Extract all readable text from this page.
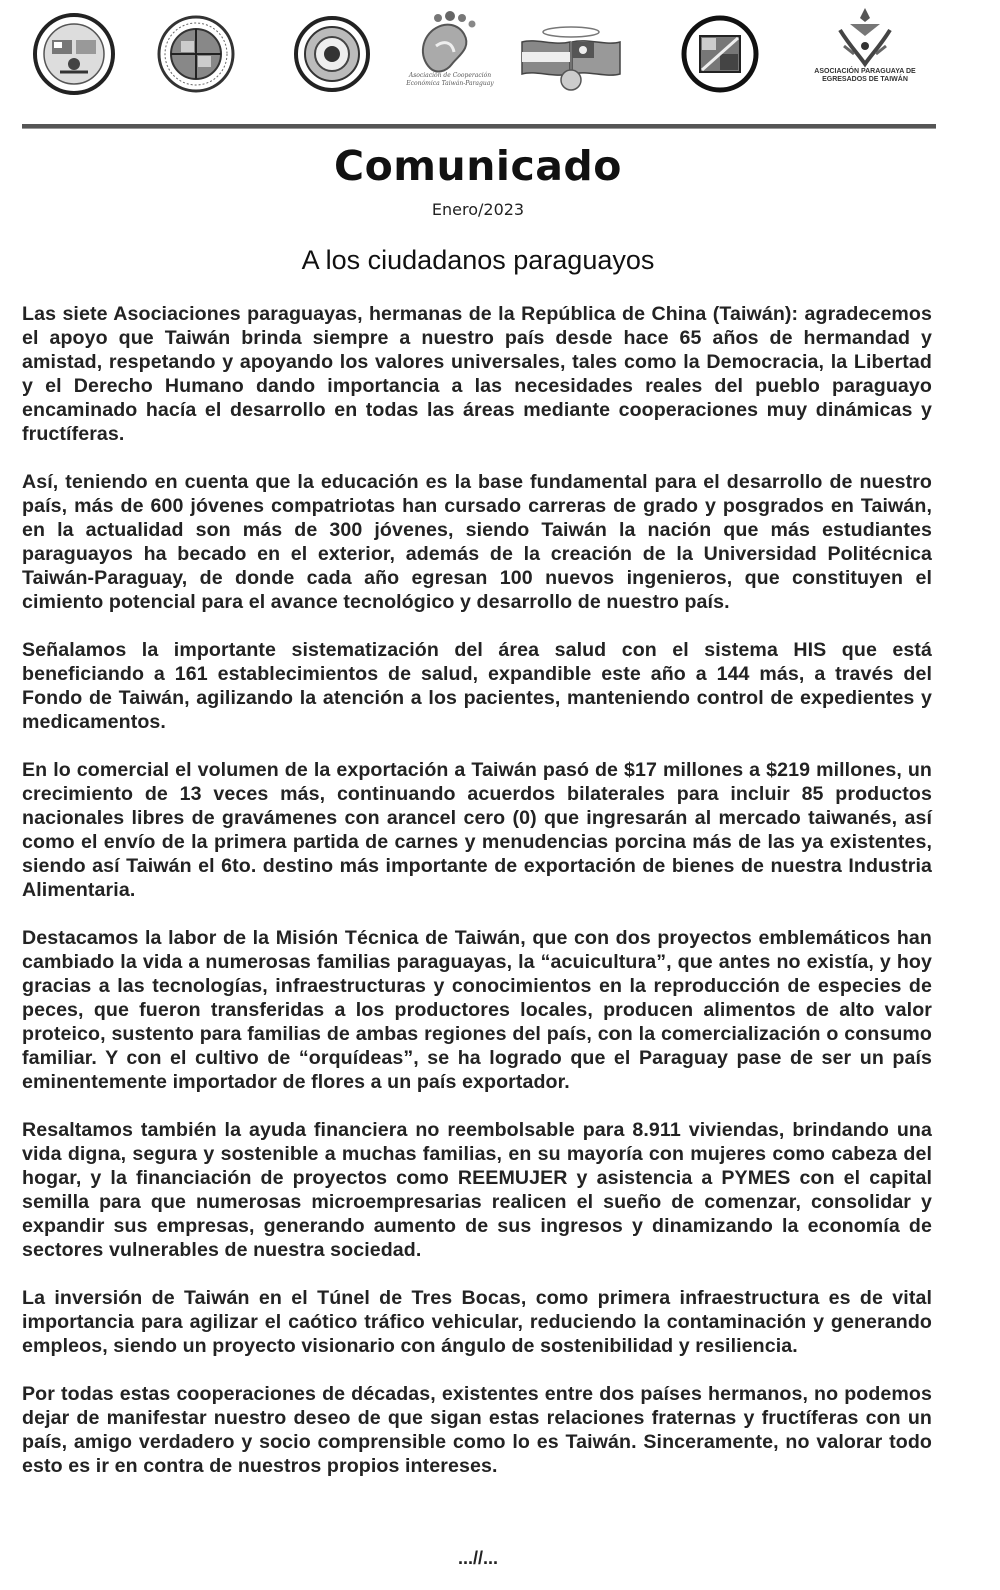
Asociación de Cooperación Económica Taiwán-Paraguay
ASOCIACIÓN PARAGUAYA DE EGRESADOS DE TAIWÁN
Comunicado
Enero/2023
A los ciudadanos paraguayos

Las siete Asociaciones paraguayas, hermanas de la República de China (Taiwán): agradecemos el apoyo que Taiwán brinda siempre a nuestro país desde hace 65 años de hermandad y amistad, respetando y apoyando los valores universales, tales como la Democracia, la Libertad y el Derecho Humano dando importancia a las necesidades reales del pueblo paraguayo encaminado hacía el desarrollo en todas las áreas mediante cooperaciones muy dinámicas y fructíferas.

Así, teniendo en cuenta que la educación es la base fundamental para el desarrollo de nuestro país, más de 600 jóvenes compatriotas han cursado carreras de grado y posgrados en Taiwán, en la actualidad son más de 300 jóvenes, siendo Taiwán la nación que más estudiantes paraguayos ha becado en el exterior, además de la creación de la Universidad Politécnica Taiwán-Paraguay, de donde cada año egresan 100 nuevos ingenieros, que constituyen el cimiento potencial para el avance tecnológico y desarrollo de nuestro país.

Señalamos la importante sistematización del área salud con el sistema HIS que está beneficiando a 161 establecimientos de salud, expandible este año a 144 más, a través del Fondo de Taiwán, agilizando la atención a los pacientes, manteniendo control de expedientes y medicamentos.

En lo comercial el volumen de la exportación a Taiwán pasó de $17 millones a $219 millones, un crecimiento de 13 veces más, continuando acuerdos bilaterales para incluir 85 productos nacionales libres de gravámenes con arancel cero (0) que ingresarán al mercado taiwanés, así como el envío de la primera partida de carnes y menudencias porcina más de las ya existentes, siendo así Taiwán el 6to. destino más importante de exportación de bienes de nuestra Industria Alimentaria.

Destacamos la labor de la Misión Técnica de Taiwán, que con dos proyectos emblemáticos han cambiado la vida a numerosas familias paraguayas, la “acuicultura”, que antes no existía, y hoy gracias a las tecnologías, infraestructuras y conocimientos en la reproducción de especies de peces, que fueron transferidas a los productores locales, producen alimentos de alto valor proteico, sustento para familias de ambas regiones del país, con la comercialización o consumo familiar. Y con el cultivo de “orquídeas”, se ha logrado que el Paraguay pase de ser un país eminentemente importador de flores a un país exportador.

Resaltamos también la ayuda financiera no reembolsable para 8.911 viviendas, brindando una vida digna, segura y sostenible a muchas familias, en su mayoría con mujeres como cabeza del hogar, y la financiación de proyectos como REEMUJER y asistencia a PYMES con el capital semilla para que numerosas microempresarias realicen el sueño de comenzar, consolidar y expandir sus empresas, generando aumento de sus ingresos y dinamizando la economía de sectores vulnerables de nuestra sociedad.

La inversión de Taiwán en el Túnel de Tres Bocas, como primera infraestructura es de vital importancia para agilizar el caótico tráfico vehicular, reduciendo la contaminación y generando empleos, siendo un proyecto visionario con ángulo de sostenibilidad y resiliencia.

Por todas estas cooperaciones de décadas, existentes entre dos países hermanos, no podemos dejar de manifestar nuestro deseo de que sigan estas relaciones fraternas y fructíferas con un país, amigo verdadero y socio comprensible como lo es Taiwán. Sinceramente, no valorar todo esto es ir en contra de nuestros propios intereses.

...//...
